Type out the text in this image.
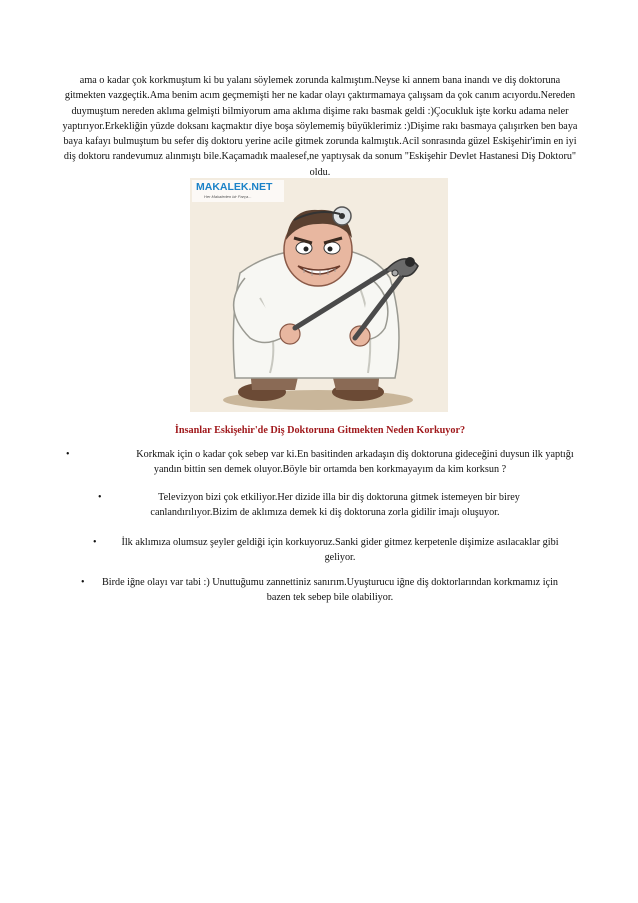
ama o kadar çok korkmuştum ki bu yalanı söylemek zorunda kalmıştım.Neyse ki annem bana inandı ve diş doktoruna gitmekten vazgeçtik.Ama benim acım geçmemişti her ne kadar olayı çaktırmamaya çalışsam da çok canım acıyordu.Nereden duymuştum nereden aklıma gelmişti bilmiyorum ama aklıma dişime rakı basmak geldi :)Çocukluk işte korku adama neler yaptırıyor.Erkekliğin yüzde doksanı kaçmaktır diye boşa söylememiş büyüklerimiz :)Dişime rakı basmaya çalışırken ben baya baya kafayı bulmuştum bu sefer diş doktoru yerine acile gitmek zorunda kalmıştık.Acil sonrasında güzel Eskişehir'imin en iyi diş doktoru randevumuz alınmıştı bile.Kaçamadık maalesef,ne yaptıysak da sonum "Eskişehir Devlet Hastanesi Diş Doktoru" oldu.

MAKALEK.NET
Her Makaleden bir Parça...

İnsanlar Eskişehir'de Diş Doktoruna Gitmekten Neden Korkuyor?

•	Korkmak için o kadar çok sebep var ki.En basitinden arkadaşın diş doktoruna gideceğini duysun ilk yaptığı yandın bittin sen demek oluyor.Böyle bir ortamda ben korkmayayım da kim korksun ?
•	Televizyon bizi çok etkiliyor.Her dizide illa bir diş doktoruna gitmek istemeyen bir birey canlandırılıyor.Bizim de aklımıza demek ki diş doktoruna zorla gidilir imajı oluşuyor.
•	İlk aklımıza olumsuz şeyler geldiği için korkuyoruz.Sanki gider gitmez kerpetenle dişimize asılacaklar gibi geliyor.
•	Birde iğne olayı var tabi :) Unuttuğumu zannettiniz sanırım.Uyuşturucu iğne diş doktorlarından korkmamız için bazen tek sebep bile olabiliyor.
